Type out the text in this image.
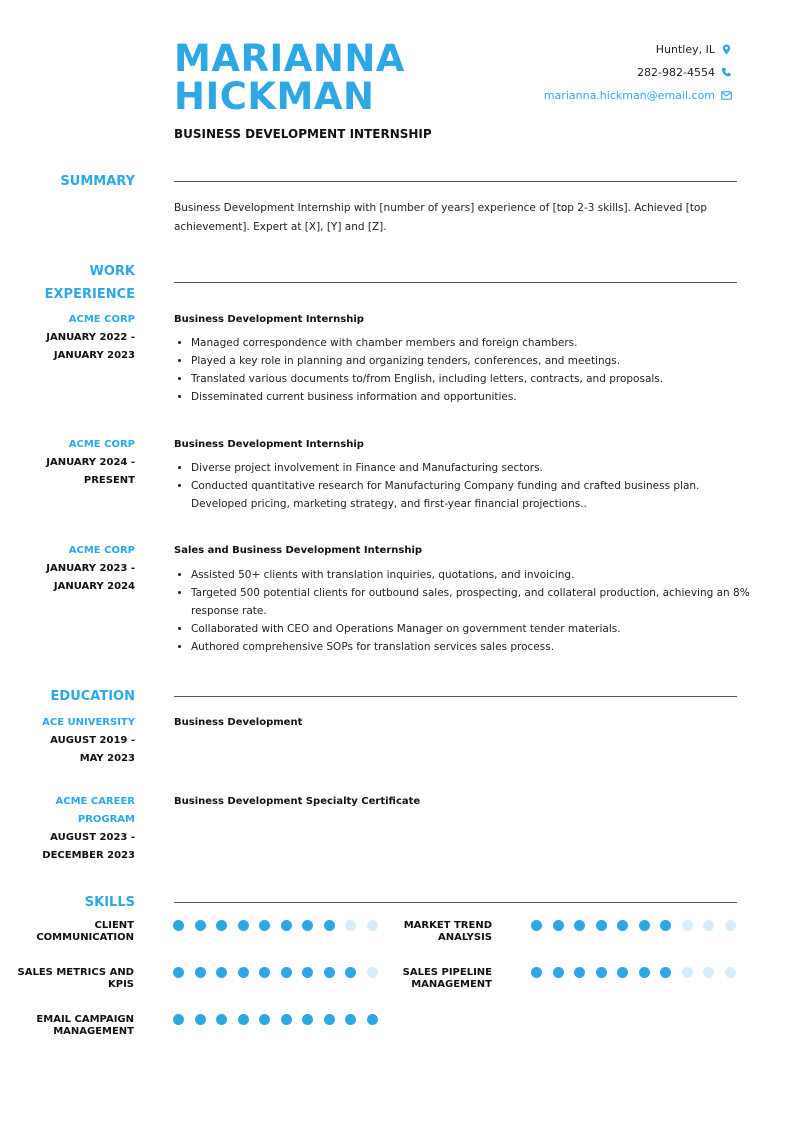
MARIANNA
HICKMAN
BUSINESS DEVELOPMENT INTERNSHIP
Huntley, IL
282-982-4554
marianna.hickman@email.com
SUMMARY
Business Development Internship with [number of years] experience of [top 2-3 skills]. Achieved [top achievement]. Expert at [X], [Y] and [Z].
WORK
EXPERIENCE
ACME CORP
JANUARY 2022 -
JANUARY 2023
Business Development Internship
• Managed correspondence with chamber members and foreign chambers.
• Played a key role in planning and organizing tenders, conferences, and meetings.
• Translated various documents to/from English, including letters, contracts, and proposals.
• Disseminated current business information and opportunities.
ACME CORP
JANUARY 2024 -
PRESENT
Business Development Internship
• Diverse project involvement in Finance and Manufacturing sectors.
• Conducted quantitative research for Manufacturing Company funding and crafted business plan. Developed pricing, marketing strategy, and first-year financial projections..
ACME CORP
JANUARY 2023 -
JANUARY 2024
Sales and Business Development Internship
• Assisted 50+ clients with translation inquiries, quotations, and invoicing.
• Targeted 500 potential clients for outbound sales, prospecting, and collateral production, achieving an 8% response rate.
• Collaborated with CEO and Operations Manager on government tender materials.
• Authored comprehensive SOPs for translation services sales process.
EDUCATION
ACE UNIVERSITY
AUGUST 2019 -
MAY 2023
Business Development
ACME CAREER
PROGRAM
AUGUST 2023 -
DECEMBER 2023
Business Development Specialty Certificate
SKILLS
CLIENT
COMMUNICATION
MARKET TREND
ANALYSIS
SALES METRICS AND
KPIS
SALES PIPELINE
MANAGEMENT
EMAIL CAMPAIGN
MANAGEMENT
